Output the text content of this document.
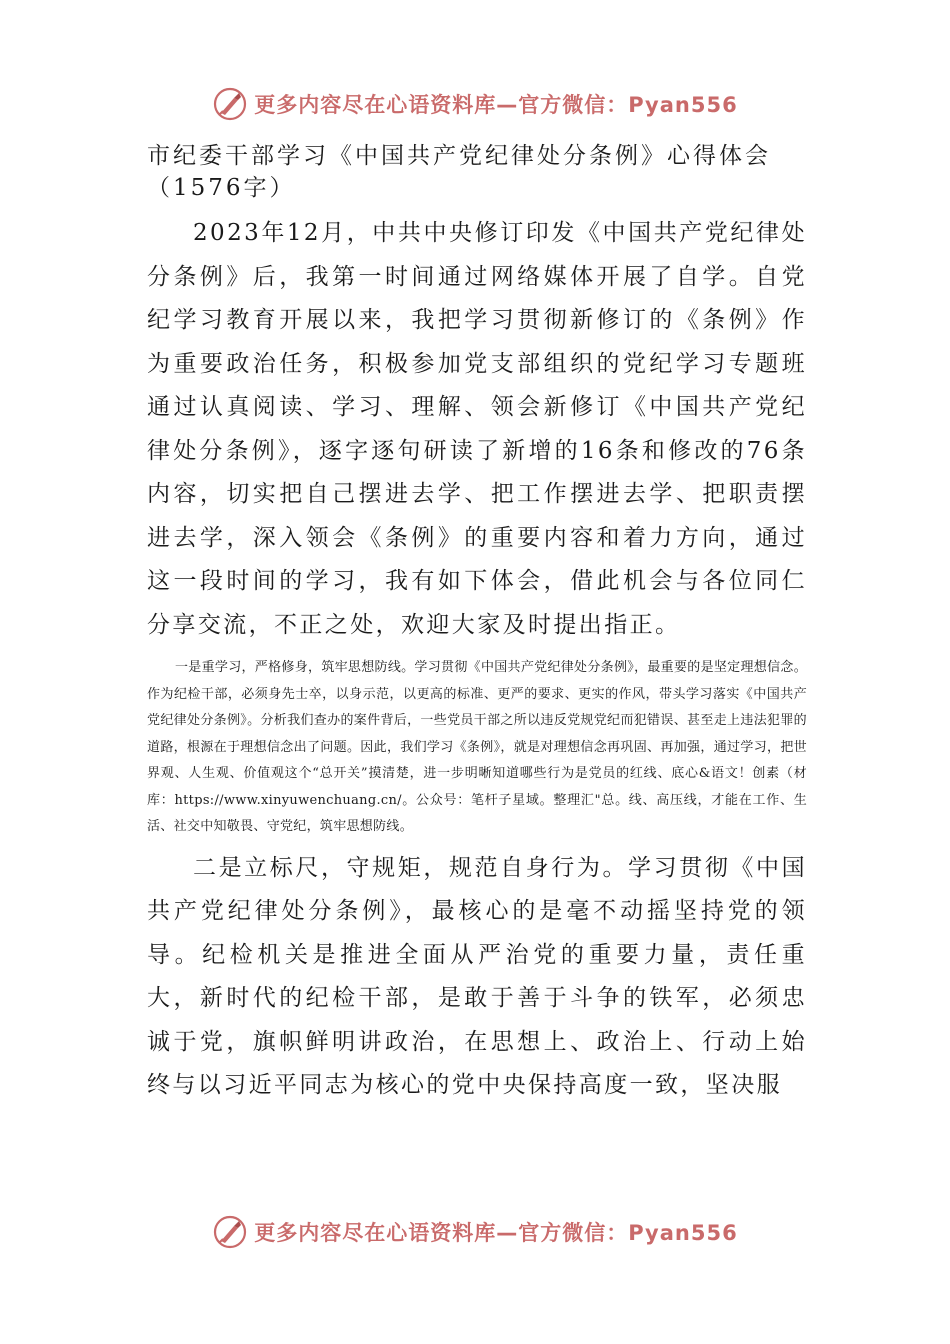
更多内容尽在心语资料库—官方微信：Pyan556
市纪委干部学习《中国共产党纪律处分条例》心得体会
（1576字）

2023年12月，中共中央修订印发《中国共产党纪律处分条例》后，我第一时间通过网络媒体开展了自学。自党纪学习教育开展以来，我把学习贯彻新修订的《条例》作为重要政治任务，积极参加党支部组织的党纪学习专题班通过认真阅读、学习、理解、领会新修订《中国共产党纪律处分条例》，逐字逐句研读了新增的16条和修改的76条内容，切实把自己摆进去学、把工作摆进去学、把职责摆进去学，深入领会《条例》的重要内容和着力方向，通过这一段时间的学习，我有如下体会，借此机会与各位同仁分享交流，不正之处，欢迎大家及时提出指正。

一是重学习，严格修身，筑牢思想防线。学习贯彻《中国共产党纪律处分条例》，最重要的是坚定理想信念。作为纪检干部，必须身先士卒，以身示范，以更高的标准、更严的要求、更实的作风，带头学习落实《中国共产党纪律处分条例》。分析我们查办的案件背后，一些党员干部之所以违反党规党纪而犯错误、甚至走上违法犯罪的道路，根源在于理想信念出了问题。因此，我们学习《条例》，就是对理想信念再巩固、再加强，通过学习，把世界观、人生观、价值观这个“总开关”摸清楚，进一步明晰知道哪些行为是党员的红线、底心&语文！创素（材库：https://www.xinyuwenchuang.cn/。公众号：笔杆子星域。整理汇"总。线、高压线，才能在工作、生活、社交中知敬畏、守党纪，筑牢思想防线。

二是立标尺，守规矩，规范自身行为。学习贯彻《中国共产党纪律处分条例》，最核心的是毫不动摇坚持党的领导。纪检机关是推进全面从严治党的重要力量，责任重大，新时代的纪检干部，是敢于善于斗争的铁军，必须忠诚于党，旗帜鲜明讲政治，在思想上、政治上、行动上始终与以习近平同志为核心的党中央保持高度一致，坚决服

更多内容尽在心语资料库—官方微信：Pyan556
